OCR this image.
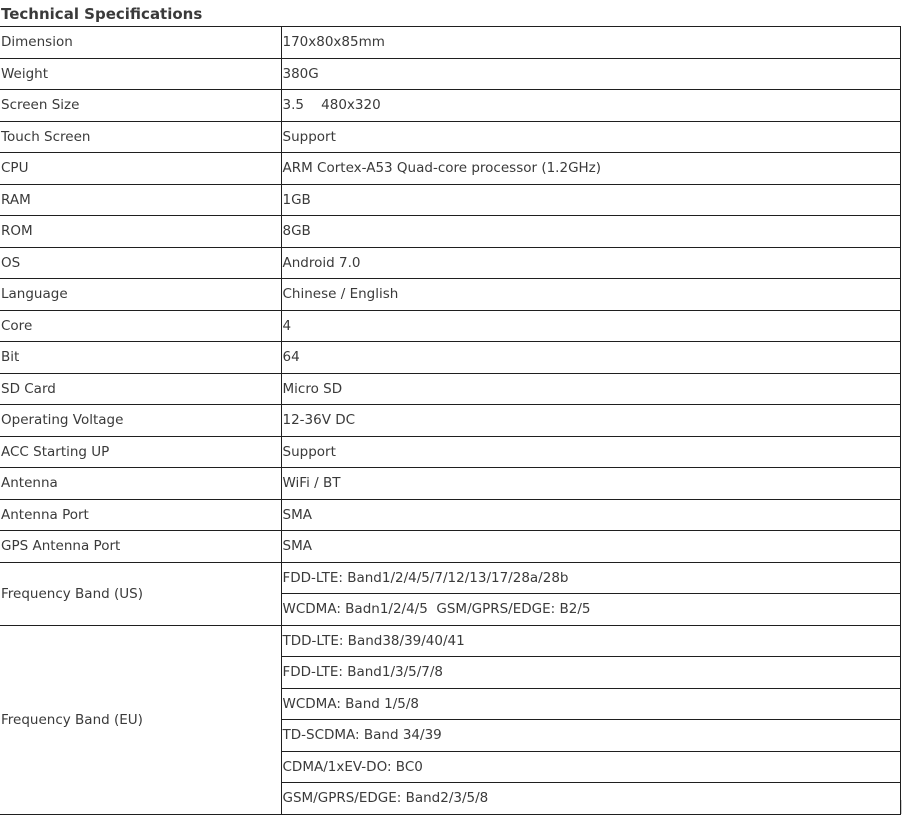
Technical Specifications
Dimension	170x80x85mm
Weight	380G
Screen Size	3.5    480x320
Touch Screen	Support
CPU	ARM Cortex-A53 Quad-core processor (1.2GHz)
RAM	1GB
ROM	8GB
OS	Android 7.0
Language	Chinese / English
Core	4
Bit	64
SD Card	Micro SD
Operating Voltage	12-36V DC
ACC Starting UP	Support
Antenna	WiFi / BT
Antenna Port	SMA
GPS Antenna Port	SMA
Frequency Band (US)	FDD-LTE: Band1/2/4/5/7/12/13/17/28a/28b
	WCDMA: Badn1/2/4/5  GSM/GPRS/EDGE: B2/5
Frequency Band (EU)	TDD-LTE: Band38/39/40/41
	FDD-LTE: Band1/3/5/7/8
	WCDMA: Band 1/5/8
	TD-SCDMA: Band 34/39
	CDMA/1xEV-DO: BC0
	GSM/GPRS/EDGE: Band2/3/5/8
